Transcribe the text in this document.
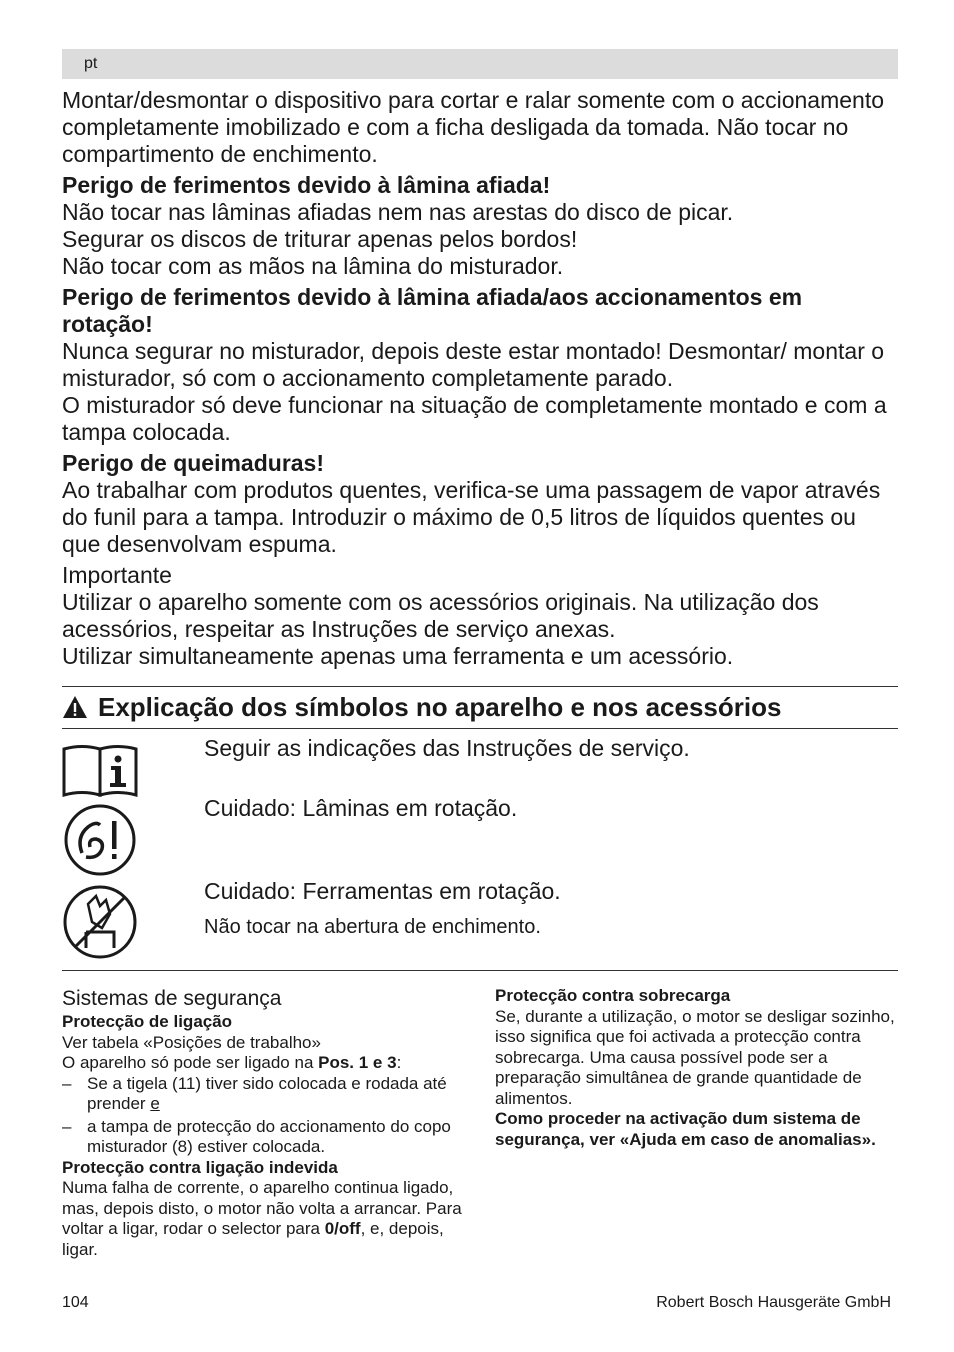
pt

Montar/desmontar o dispositivo para cortar e ralar somente com o accionamento completamente imobilizado e com a ficha desligada da tomada. Não tocar no compartimento de enchimento.

Perigo de ferimentos devido à lâmina afiada!
Não tocar nas lâminas afiadas nem nas arestas do disco de picar.
Segurar os discos de triturar apenas pelos bordos!
Não tocar com as mãos na lâmina do misturador.

Perigo de ferimentos devido à lâmina afiada/aos accionamentos em rotação!
Nunca segurar no misturador, depois deste estar montado! Desmontar/ montar o misturador, só com o accionamento completamente parado.
O misturador só deve funcionar na situação de completamente montado e com a tampa colocada.

Perigo de queimaduras!
Ao trabalhar com produtos quentes, verifica-se uma passagem de vapor através do funil para a tampa. Introduzir o máximo de 0,5 litros de líquidos quentes ou que desenvolvam espuma.

Importante
Utilizar o aparelho somente com os acessórios originais. Na utilização dos acessórios, respeitar as Instruções de serviço anexas.
Utilizar simultaneamente apenas uma ferramenta e um acessório.

Explicação dos símbolos no aparelho e nos acessórios
Seguir as indicações das Instruções de serviço.
Cuidado: Lâminas em rotação.
Cuidado: Ferramentas em rotação.
Não tocar na abertura de enchimento.
Sistemas de segurança

Protecção de ligação

Ver tabela «Posições de trabalho»

O aparelho só pode ser ligado na Pos. 1 e 3:

– Se a tigela (11) tiver sido colocada e rodada até prender e

– a tampa de protecção do accionamento do copo misturador (8) estiver colocada.

Protecção contra ligação indevida

Numa falha de corrente, o aparelho continua ligado, mas, depois disto, o motor não volta a arrancar. Para voltar a ligar, rodar o selector para 0/off, e, depois, ligar.

Protecção contra sobrecarga

Se, durante a utilização, o motor se desligar sozinho, isso significa que foi activada a protecção contra sobrecarga. Uma causa possível pode ser a preparação simultânea de grande quantidade de alimentos.

Como proceder na activação dum sistema de segurança, ver «Ajuda em caso de anomalias».

104	Robert Bosch Hausgeräte GmbH
